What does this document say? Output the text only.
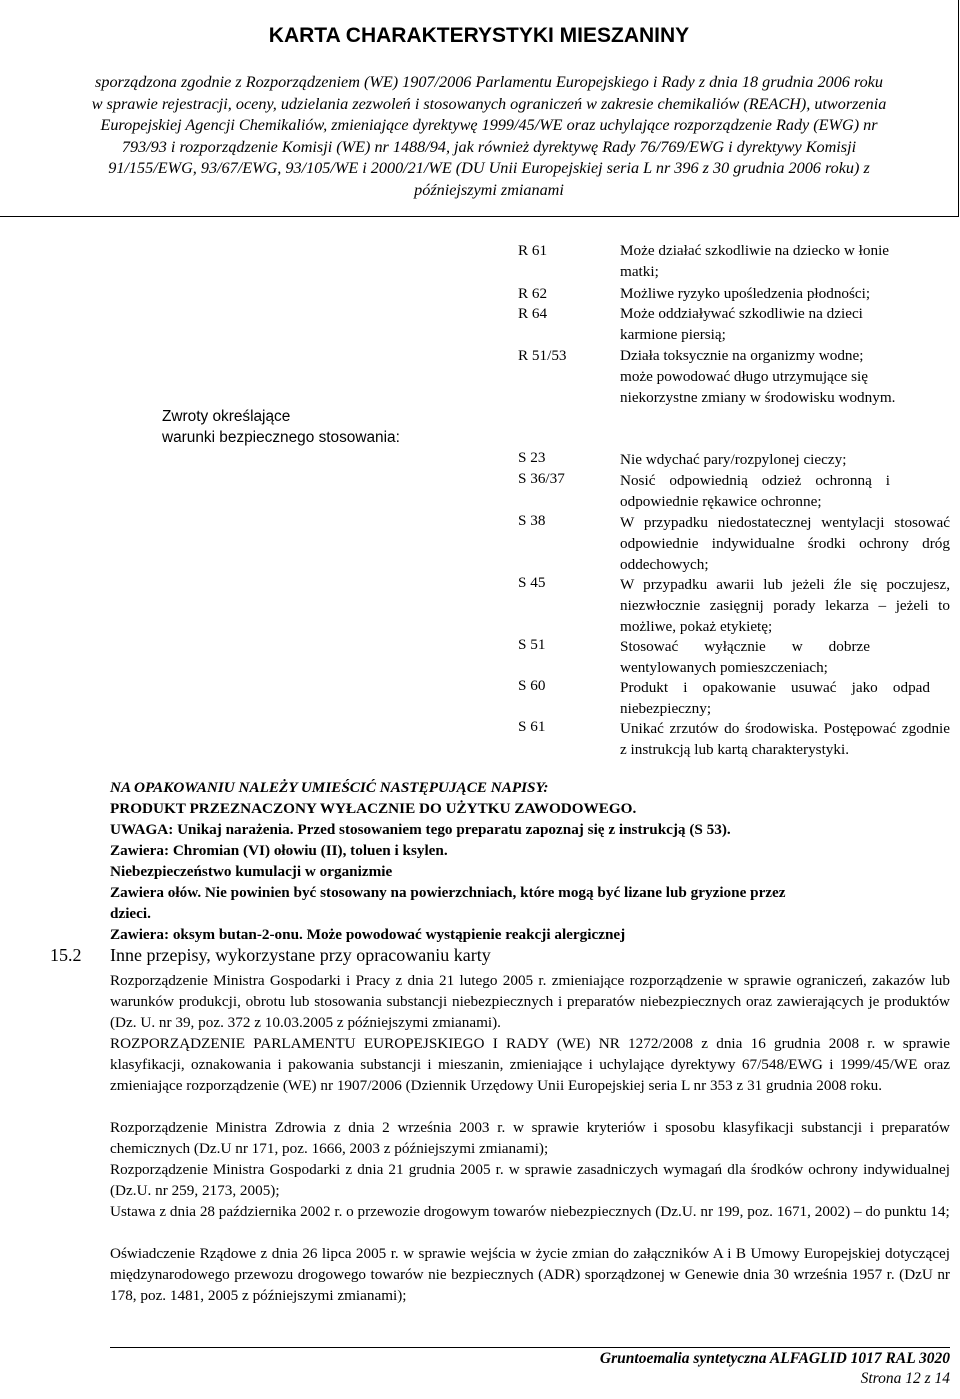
KARTA CHARAKTERYSTYKI MIESZANINY
sporządzona zgodnie z Rozporządzeniem (WE) 1907/2006 Parlamentu Europejskiego i Rady z dnia 18 grudnia 2006 roku
w sprawie rejestracji, oceny, udzielania zezwoleń i stosowanych ograniczeń w zakresie chemikaliów (REACH), utworzenia
Europejskiej Agencji Chemikaliów, zmieniające dyrektywę 1999/45/WE oraz uchylające rozporządzenie Rady (EWG) nr
793/93 i rozporządzenie Komisji (WE) nr 1488/94, jak również dyrektywę Rady 76/769/EWG i dyrektywy Komisji
91/155/EWG, 93/67/EWG, 93/105/WE i 2000/21/WE (DU Unii Europejskiej seria L nr 396 z 30 grudnia 2006 roku) z
późniejszymi zmianami
Zwroty określające
warunki bezpiecznego stosowania:
R 61	Może działać szkodliwie na dziecko w łonie
matki;
R 62	Możliwe ryzyko upośledzenia płodności;
R 64	Może oddziaływać szkodliwie na dzieci
karmione piersią;
R 51/53	Działa toksycznie na organizmy wodne;
może powodować długo utrzymujące się
niekorzystne zmiany w środowisku wodnym.
S 23	Nie wdychać pary/rozpylonej cieczy;
S 36/37	Nosić odpowiednią odzież ochronną i odpowiednie rękawice ochronne;
S 38	W przypadku niedostatecznej wentylacji stosować odpowiednie indywidualne środki ochrony dróg oddechowych;
S 45	W przypadku awarii lub jeżeli źle się poczujesz, niezwłocznie zasięgnij porady lekarza – jeżeli to możliwe, pokaż etykietę;
S 51	Stosować wyłącznie w dobrze wentylowanych pomieszczeniach;
S 60	Produkt i opakowanie usuwać jako odpad niebezpieczny;
S 61	Unikać zrzutów do środowiska. Postępować zgodnie z instrukcją lub kartą charakterystyki.
NA OPAKOWANIU NALEŻY UMIEŚCIĆ NASTĘPUJĄCE NAPISY:
PRODUKT PRZEZNACZONY WYŁACZNIE DO UŻYTKU ZAWODOWEGO.
UWAGA: Unikaj narażenia. Przed stosowaniem tego preparatu zapoznaj się z instrukcją (S 53).
Zawiera: Chromian (VI) ołowiu (II), toluen i ksylen.
Niebezpieczeństwo kumulacji w organizmie
Zawiera ołów. Nie powinien być stosowany na powierzchniach, które mogą być lizane lub gryzione przez
dzieci.
Zawiera: oksym butan-2-onu. Może powodować wystąpienie reakcji alergicznej
15.2 Inne przepisy, wykorzystane przy opracowaniu karty
Rozporządzenie Ministra Gospodarki i Pracy z dnia 21 lutego 2005 r. zmieniające rozporządzenie w sprawie ograniczeń, zakazów lub warunków produkcji, obrotu lub stosowania substancji niebezpiecznych i preparatów niebezpiecznych oraz zawierających je produktów (Dz. U. nr 39, poz. 372 z 10.03.2005 z późniejszymi zmianami).
ROZPORZĄDZENIE PARLAMENTU EUROPEJSKIEGO I RADY (WE) NR 1272/2008 z dnia 16 grudnia 2008 r. w sprawie klasyfikacji, oznakowania i pakowania substancji i mieszanin, zmieniające i uchylające dyrektywy 67/548/EWG i 1999/45/WE oraz zmieniające rozporządzenie (WE) nr 1907/2006 (Dziennik Urzędowy Unii Europejskiej seria L nr 353 z 31 grudnia 2008 roku.
Rozporządzenie Ministra Zdrowia z dnia 2 września 2003 r. w sprawie kryteriów i sposobu klasyfikacji substancji i preparatów chemicznych (Dz.U nr 171, poz. 1666, 2003 z późniejszymi zmianami);
Rozporządzenie Ministra Gospodarki z dnia 21 grudnia 2005 r. w sprawie zasadniczych wymagań dla środków ochrony indywidualnej (Dz.U. nr 259, 2173, 2005);
Ustawa z dnia 28 października 2002 r. o przewozie drogowym towarów niebezpiecznych (Dz.U. nr 199, poz. 1671, 2002) – do punktu 14;
Oświadczenie Rządowe z dnia 26 lipca 2005 r. w sprawie wejścia w życie zmian do załączników A i B Umowy Europejskiej dotyczącej międzynarodowego przewozu drogowego towarów nie bezpiecznych (ADR) sporządzonej w Genewie dnia 30 września 1957 r. (DzU nr 178, poz. 1481, 2005 z późniejszymi zmianami);
Gruntoemalia syntetyczna ALFAGLID 1017 RAL 3020
Strona 12 z 14
